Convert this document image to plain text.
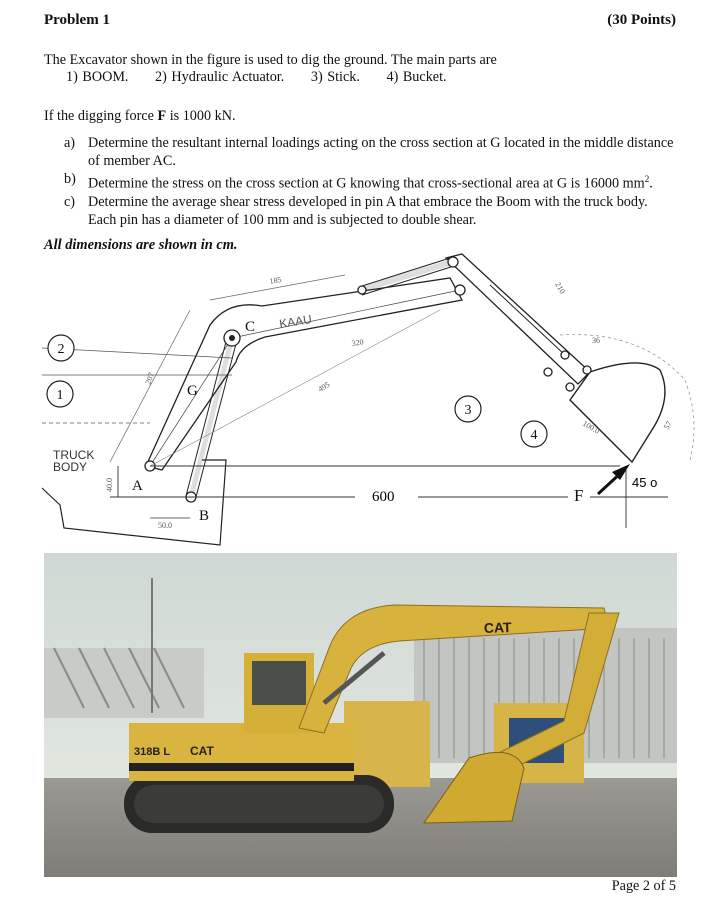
Problem 1	(30 Points)
The Excavator shown in the figure is used to dig the ground. The main parts are
1) BOOM. 2) Hydraulic Actuator. 3) Stick. 4) Bucket.
If the digging force F is 1000 kN.
a) Determine the resultant internal loadings acting on the cross section at G located in the middle distance
of member AC.
b) Determine the stress on the cross section at G knowing that cross-sectional area at G is 16000 $mm^2$.
c) Determine the average shear stress developed in pin A that embrace the Boom with the truck body.
Each pin has a diameter of 100 mm and is subjected to double shear.
All dimensions are shown in cm.
TRUCK
BODY
2
1
3
4
A
B
C
G
F
KAAU
600
45 o
185
320
207
495
210
36
100.0	57
40.0
50.0
318B L CAT
CAT
Page 2 of 5
